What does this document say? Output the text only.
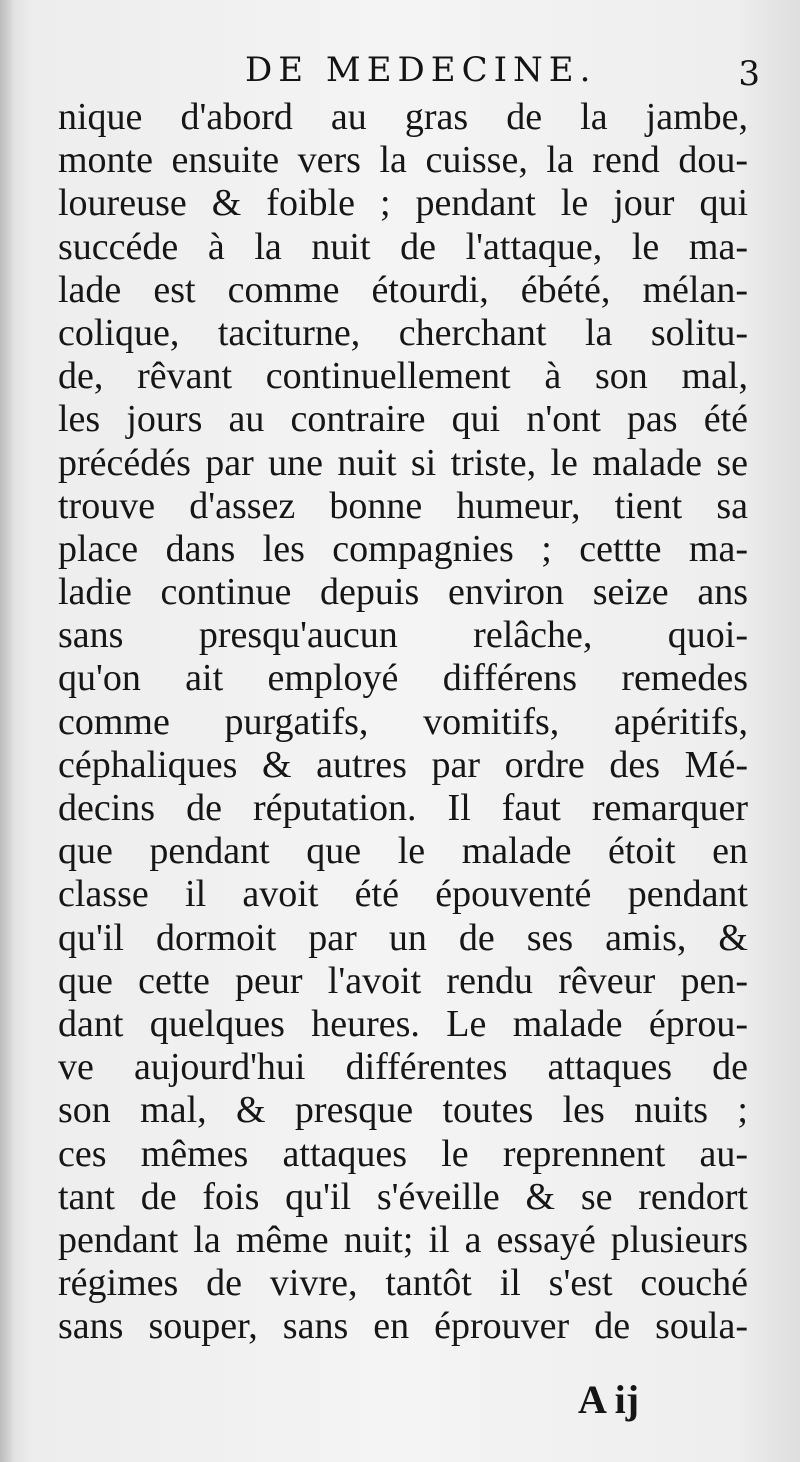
DE MEDECINE.	3
nique d'abord au gras de la jambe,
monte ensuite vers la cuisse, la rend dou-
loureuse & foible ; pendant le jour qui
succéde à la nuit de l'attaque, le ma-
lade est comme étourdi, ébété, mélan-
colique, taciturne, cherchant la solitu-
de, rêvant continuellement à son mal,
les jours au contraire qui n'ont pas été
précédés par une nuit si triste, le malade se
trouve d'assez bonne humeur, tient sa
place dans les compagnies ; cettte ma-
ladie continue depuis environ seize ans
sans presqu'aucun relâche, quoi-
qu'on ait employé différens remedes
comme purgatifs, vomitifs, apéritifs,
céphaliques & autres par ordre des Mé-
decins de réputation. Il faut remarquer
que pendant que le malade étoit en
classe il avoit été épouventé pendant
qu'il dormoit par un de ses amis, &
que cette peur l'avoit rendu rêveur pen-
dant quelques heures. Le malade éprou-
ve aujourd'hui différentes attaques de
son mal, & presque toutes les nuits ;
ces mêmes attaques le reprennent au-
tant de fois qu'il s'éveille & se rendort
pendant la même nuit; il a essayé plusieurs
régimes de vivre, tantôt il s'est couché
sans souper, sans en éprouver de soula-
A ij
